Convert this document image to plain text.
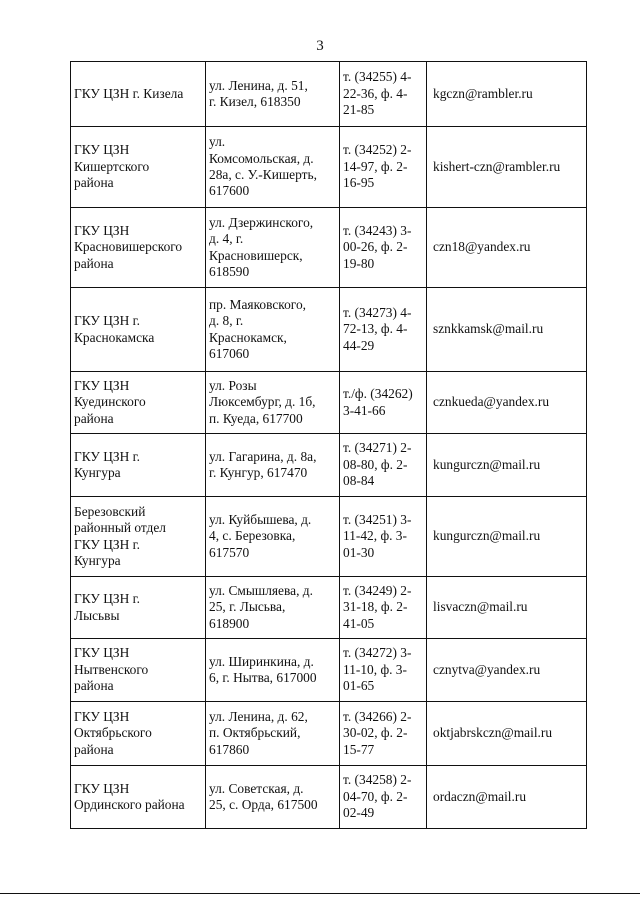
3
ГКУ ЦЗН г. Кизела	ул. Ленина, д. 51,
г. Кизел, 618350	т. (34255) 4-
22-36, ф. 4-
21-85	kgczn@rambler.ru
ГКУ ЦЗН
Кишертского
района	ул.
Комсомольская, д.
28а, с. У.-Кишерть,
617600	т. (34252) 2-
14-97, ф. 2-
16-95	kishert-czn@rambler.ru
ГКУ ЦЗН
Красновишерского
района	ул. Дзержинского,
д. 4, г.
Красновишерск,
618590	т. (34243) 3-
00-26, ф. 2-
19-80	czn18@yandex.ru
ГКУ ЦЗН г.
Краснокамска	пр. Маяковского,
д. 8, г.
Краснокамск,
617060	т. (34273) 4-
72-13, ф. 4-
44-29	sznkkamsk@mail.ru
ГКУ ЦЗН
Куединского
района	ул. Розы
Люксембург, д. 1б,
п. Куеда, 617700	т./ф. (34262)
3-41-66	cznkueda@yandex.ru
ГКУ ЦЗН г.
Кунгура	ул. Гагарина, д. 8а,
г. Кунгур, 617470	т. (34271) 2-
08-80, ф. 2-
08-84	kungurczn@mail.ru
Березовский
районный отдел
ГКУ ЦЗН г.
Кунгура	ул. Куйбышева, д.
4, с. Березовка,
617570	т. (34251) 3-
11-42, ф. 3-
01-30	kungurczn@mail.ru
ГКУ ЦЗН г.
Лысьвы	ул. Смышляева, д.
25, г. Лысьва,
618900	т. (34249) 2-
31-18, ф. 2-
41-05	lisvaczn@mail.ru
ГКУ ЦЗН
Нытвенского
района	ул. Ширинкина, д.
6, г. Нытва, 617000	т. (34272) 3-
11-10, ф. 3-
01-65	cznytva@yandex.ru
ГКУ ЦЗН
Октябрьского
района	ул. Ленина, д. 62,
п. Октябрьский,
617860	т. (34266) 2-
30-02, ф. 2-
15-77	oktjabrskczn@mail.ru
ГКУ ЦЗН
Ординского района	ул. Советская, д.
25, с. Орда, 617500	т. (34258) 2-
04-70, ф. 2-
02-49	ordaczn@mail.ru
